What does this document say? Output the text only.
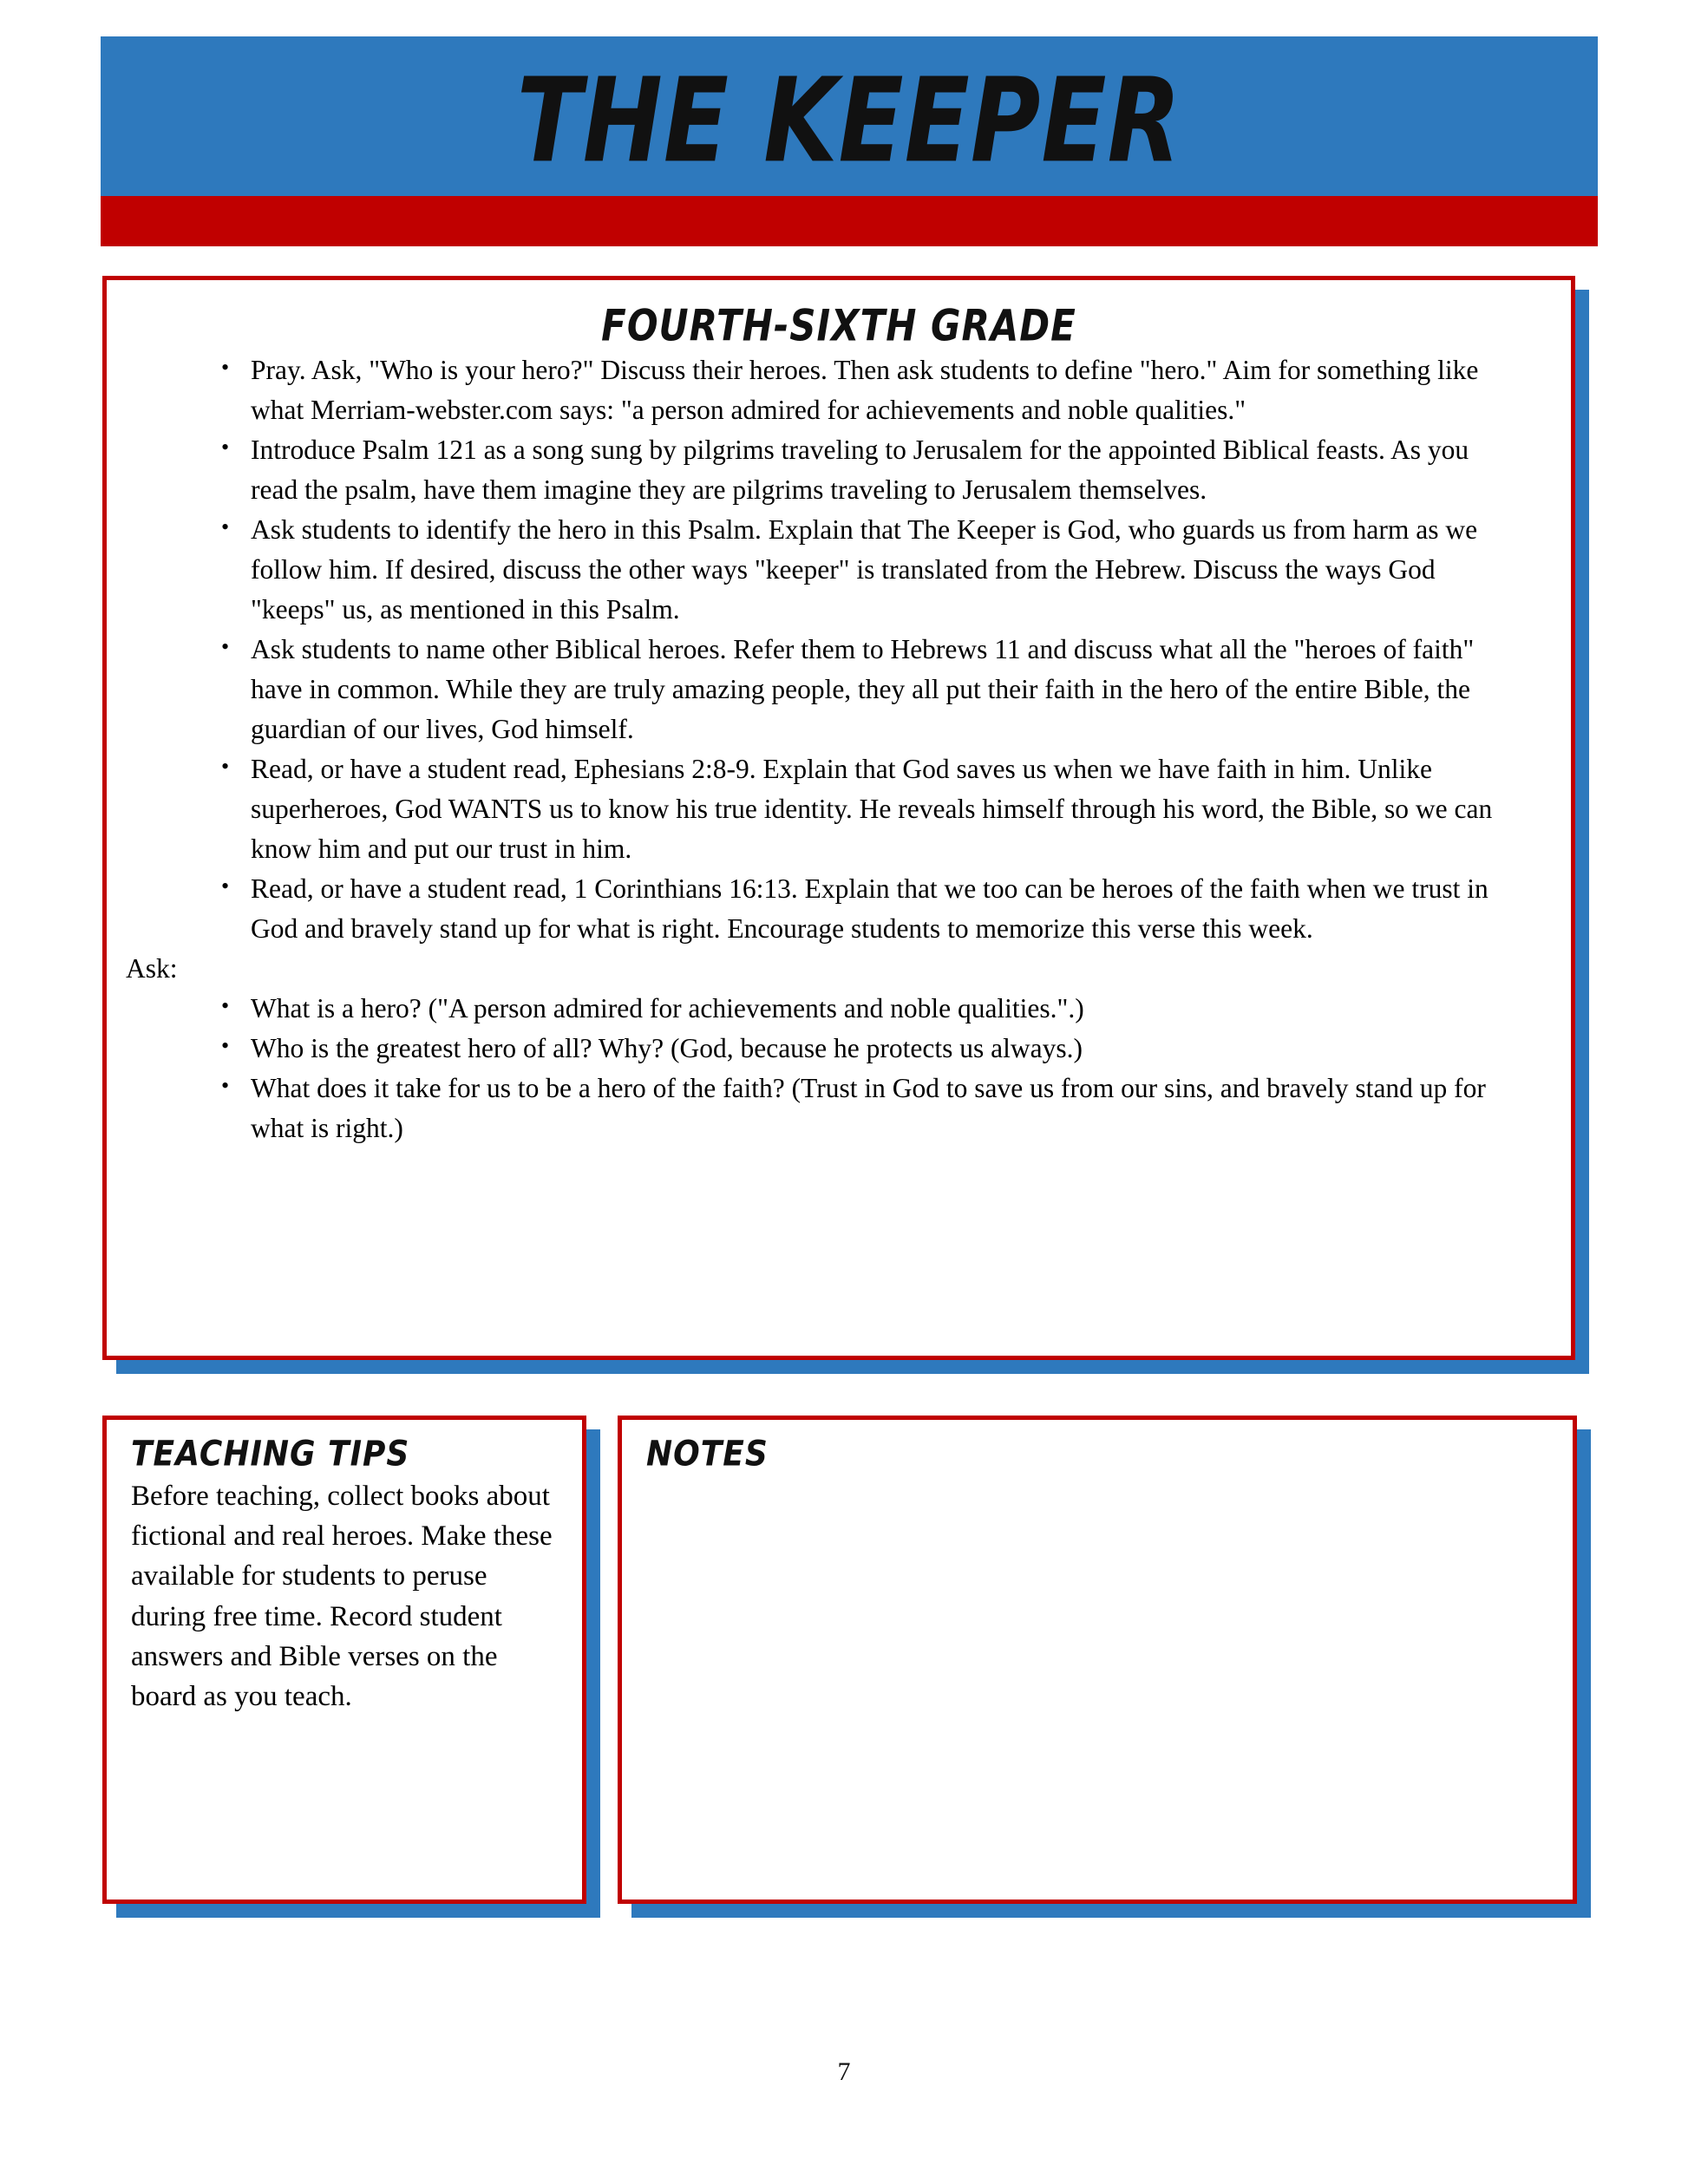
THE KEEPER
FOURTH-SIXTH GRADE
• Pray. Ask, "Who is your hero?" Discuss their heroes. Then ask students to define "hero." Aim for something like what Merriam-webster.com says: "a person admired for achievements and noble qualities."
• Introduce Psalm 121 as a song sung by pilgrims traveling to Jerusalem for the appointed Biblical feasts. As you read the psalm, have them imagine they are pilgrims traveling to Jerusalem themselves.
• Ask students to identify the hero in this Psalm. Explain that The Keeper is God, who guards us from harm as we follow him. If desired, discuss the other ways "keeper" is translated from the Hebrew. Discuss the ways God "keeps" us, as mentioned in this Psalm.
• Ask students to name other Biblical heroes. Refer them to Hebrews 11 and discuss what all the "heroes of faith" have in common. While they are truly amazing people, they all put their faith in the hero of the entire Bible, the guardian of our lives, God himself.
• Read, or have a student read, Ephesians 2:8-9. Explain that God saves us when we have faith in him. Unlike superheroes, God WANTS us to know his true identity. He reveals himself through his word, the Bible, so we can know him and put our trust in him.
• Read, or have a student read, 1 Corinthians 16:13. Explain that we too can be heroes of the faith when we trust in God and bravely stand up for what is right. Encourage students to memorize this verse this week.

Ask:

• What is a hero? ("A person admired for achievements and noble qualities.".)
• Who is the greatest hero of all? Why? (God, because he protects us always.)
• What does it take for us to be a hero of the faith? (Trust in God to save us from our sins, and bravely stand up for what is right.)
TEACHING TIPS

Before teaching, collect books about fictional and real heroes. Make these available for students to peruse during free time. Record student answers and Bible verses on the board as you teach.

NOTES
7
